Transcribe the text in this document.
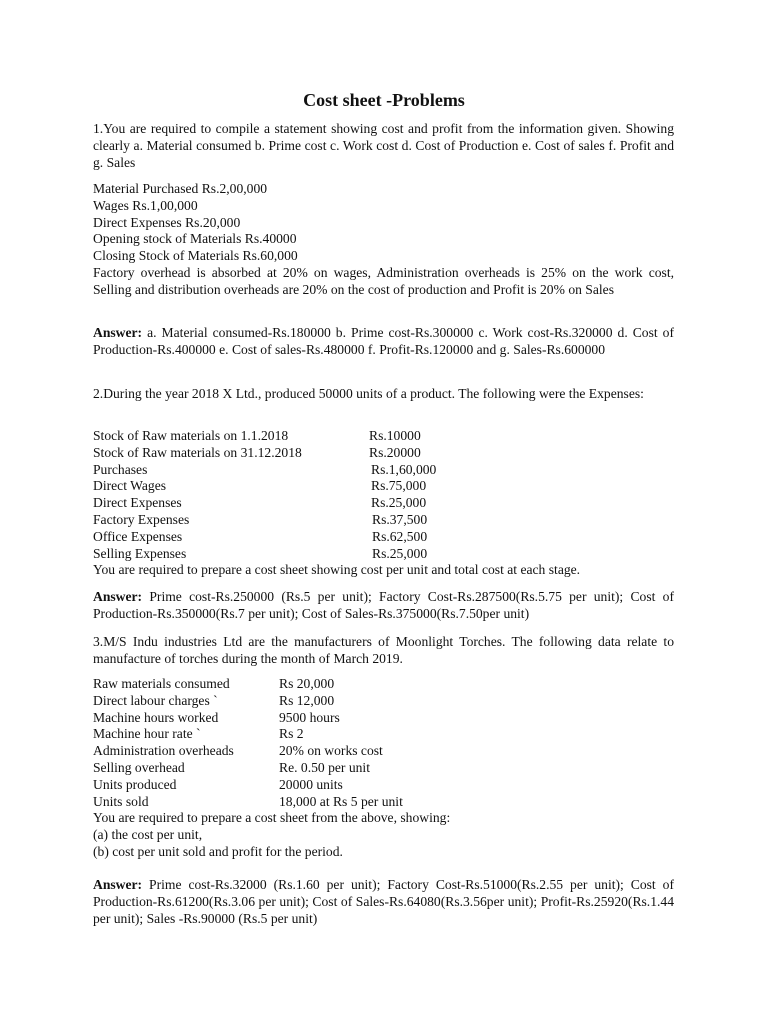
Cost sheet -Problems

1.You are required to compile a statement showing cost and profit from the information given. Showing clearly a. Material consumed b. Prime cost c. Work cost d. Cost of Production e. Cost of sales f. Profit and g. Sales

Material Purchased Rs.2,00,000

Wages Rs.1,00,000

Direct Expenses Rs.20,000

Opening stock of Materials Rs.40000

Closing Stock of Materials Rs.60,000

Factory overhead is absorbed at 20% on wages, Administration overheads is 25% on the work cost, Selling and distribution overheads are 20% on the cost of production and Profit is 20% on Sales

Answer: a. Material consumed-Rs.180000 b. Prime cost-Rs.300000 c. Work cost-Rs.320000 d. Cost of Production-Rs.400000 e. Cost of sales-Rs.480000 f. Profit-Rs.120000 and g. Sales-Rs.600000

2.During the year 2018 X Ltd., produced 50000 units of a product. The following were the Expenses:

Stock of Raw materials on 1.1.2018	Rs.10000
Stock of Raw materials on 31.12.2018	Rs.20000
Purchases	Rs.1,60,000
Direct Wages	Rs.75,000
Direct Expenses	Rs.25,000
Factory Expenses	Rs.37,500
Office Expenses	Rs.62,500
Selling Expenses	Rs.25,000

You are required to prepare a cost sheet showing cost per unit and total cost at each stage.

Answer: Prime cost-Rs.250000 (Rs.5 per unit); Factory Cost-Rs.287500(Rs.5.75 per unit); Cost of Production-Rs.350000(Rs.7 per unit); Cost of Sales-Rs.375000(Rs.7.50per unit)

3.M/S Indu industries Ltd are the manufacturers of Moonlight Torches. The following data relate to manufacture of torches during the month of March 2019.

Raw materials consumed	Rs 20,000
Direct labour charges `	Rs 12,000
Machine hours worked	9500 hours
Machine hour rate `	Rs 2
Administration overheads	20% on works cost
Selling overhead	Re. 0.50 per unit
Units produced	20000 units
Units sold	18,000 at Rs 5 per unit

You are required to prepare a cost sheet from the above, showing:

(a) the cost per unit,

(b) cost per unit sold and profit for the period.

Answer: Prime cost-Rs.32000 (Rs.1.60 per unit); Factory Cost-Rs.51000(Rs.2.55 per unit); Cost of Production-Rs.61200(Rs.3.06 per unit); Cost of Sales-Rs.64080(Rs.3.56per unit); Profit-Rs.25920(Rs.1.44 per unit); Sales -Rs.90000 (Rs.5 per unit)
